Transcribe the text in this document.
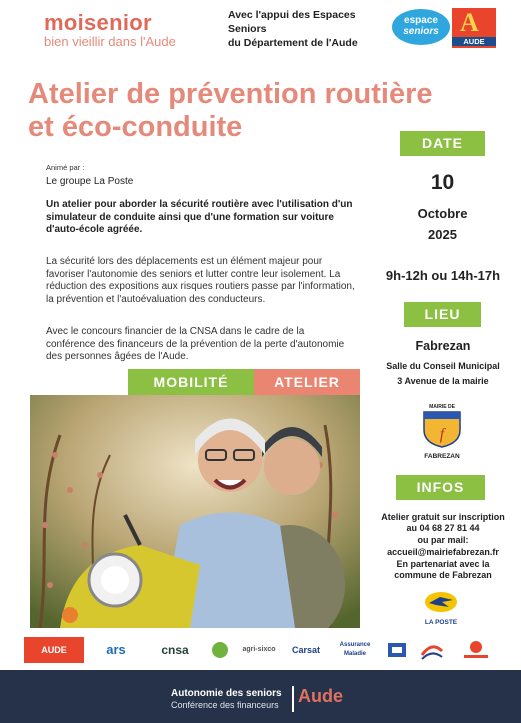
moisenior
bien vieillir dans l'Aude
Avec l'appui des Espaces Seniors
du Département de l'Aude
espace
seniors A
AUDE
Atelier de prévention routière
et éco-conduite
Animé par :
Le groupe La Poste
Un atelier pour aborder la sécurité routière avec l'utilisation d'un simulateur de conduite ainsi que d'une formation sur voiture d'auto-école agréée.
La sécurité lors des déplacements est un élément majeur pour favoriser l'autonomie des seniors et lutter contre leur isolement. La réduction des expositions aux risques routiers passe par l'information, la prévention et l'autoévaluation des conducteurs.
Avec le concours financier de la CNSA dans le cadre de la conférence des financeurs de la prévention de la perte d'autonomie des personnes âgées de l'Aude.
DATE
10
Octobre
2025
9h-12h ou 14h-17h
LIEU
Fabrezan
Salle du Conseil Municipal
3 Avenue de la mairie
MAIRIE DE
f
FABREZAN
INFOS
Atelier gratuit sur inscription
au 04 68 27 81 44
ou par mail:
accueil@mairiefabrezan.fr
En partenariat avec la
commune de Fabrezan
LA POSTE
MOBILITÉ	ATELIER
AUDE	ars	cnsa	agri-sixco	Carsat	Assurance Maladie
Autonomie des seniors
Conférence des financeurs Aude
